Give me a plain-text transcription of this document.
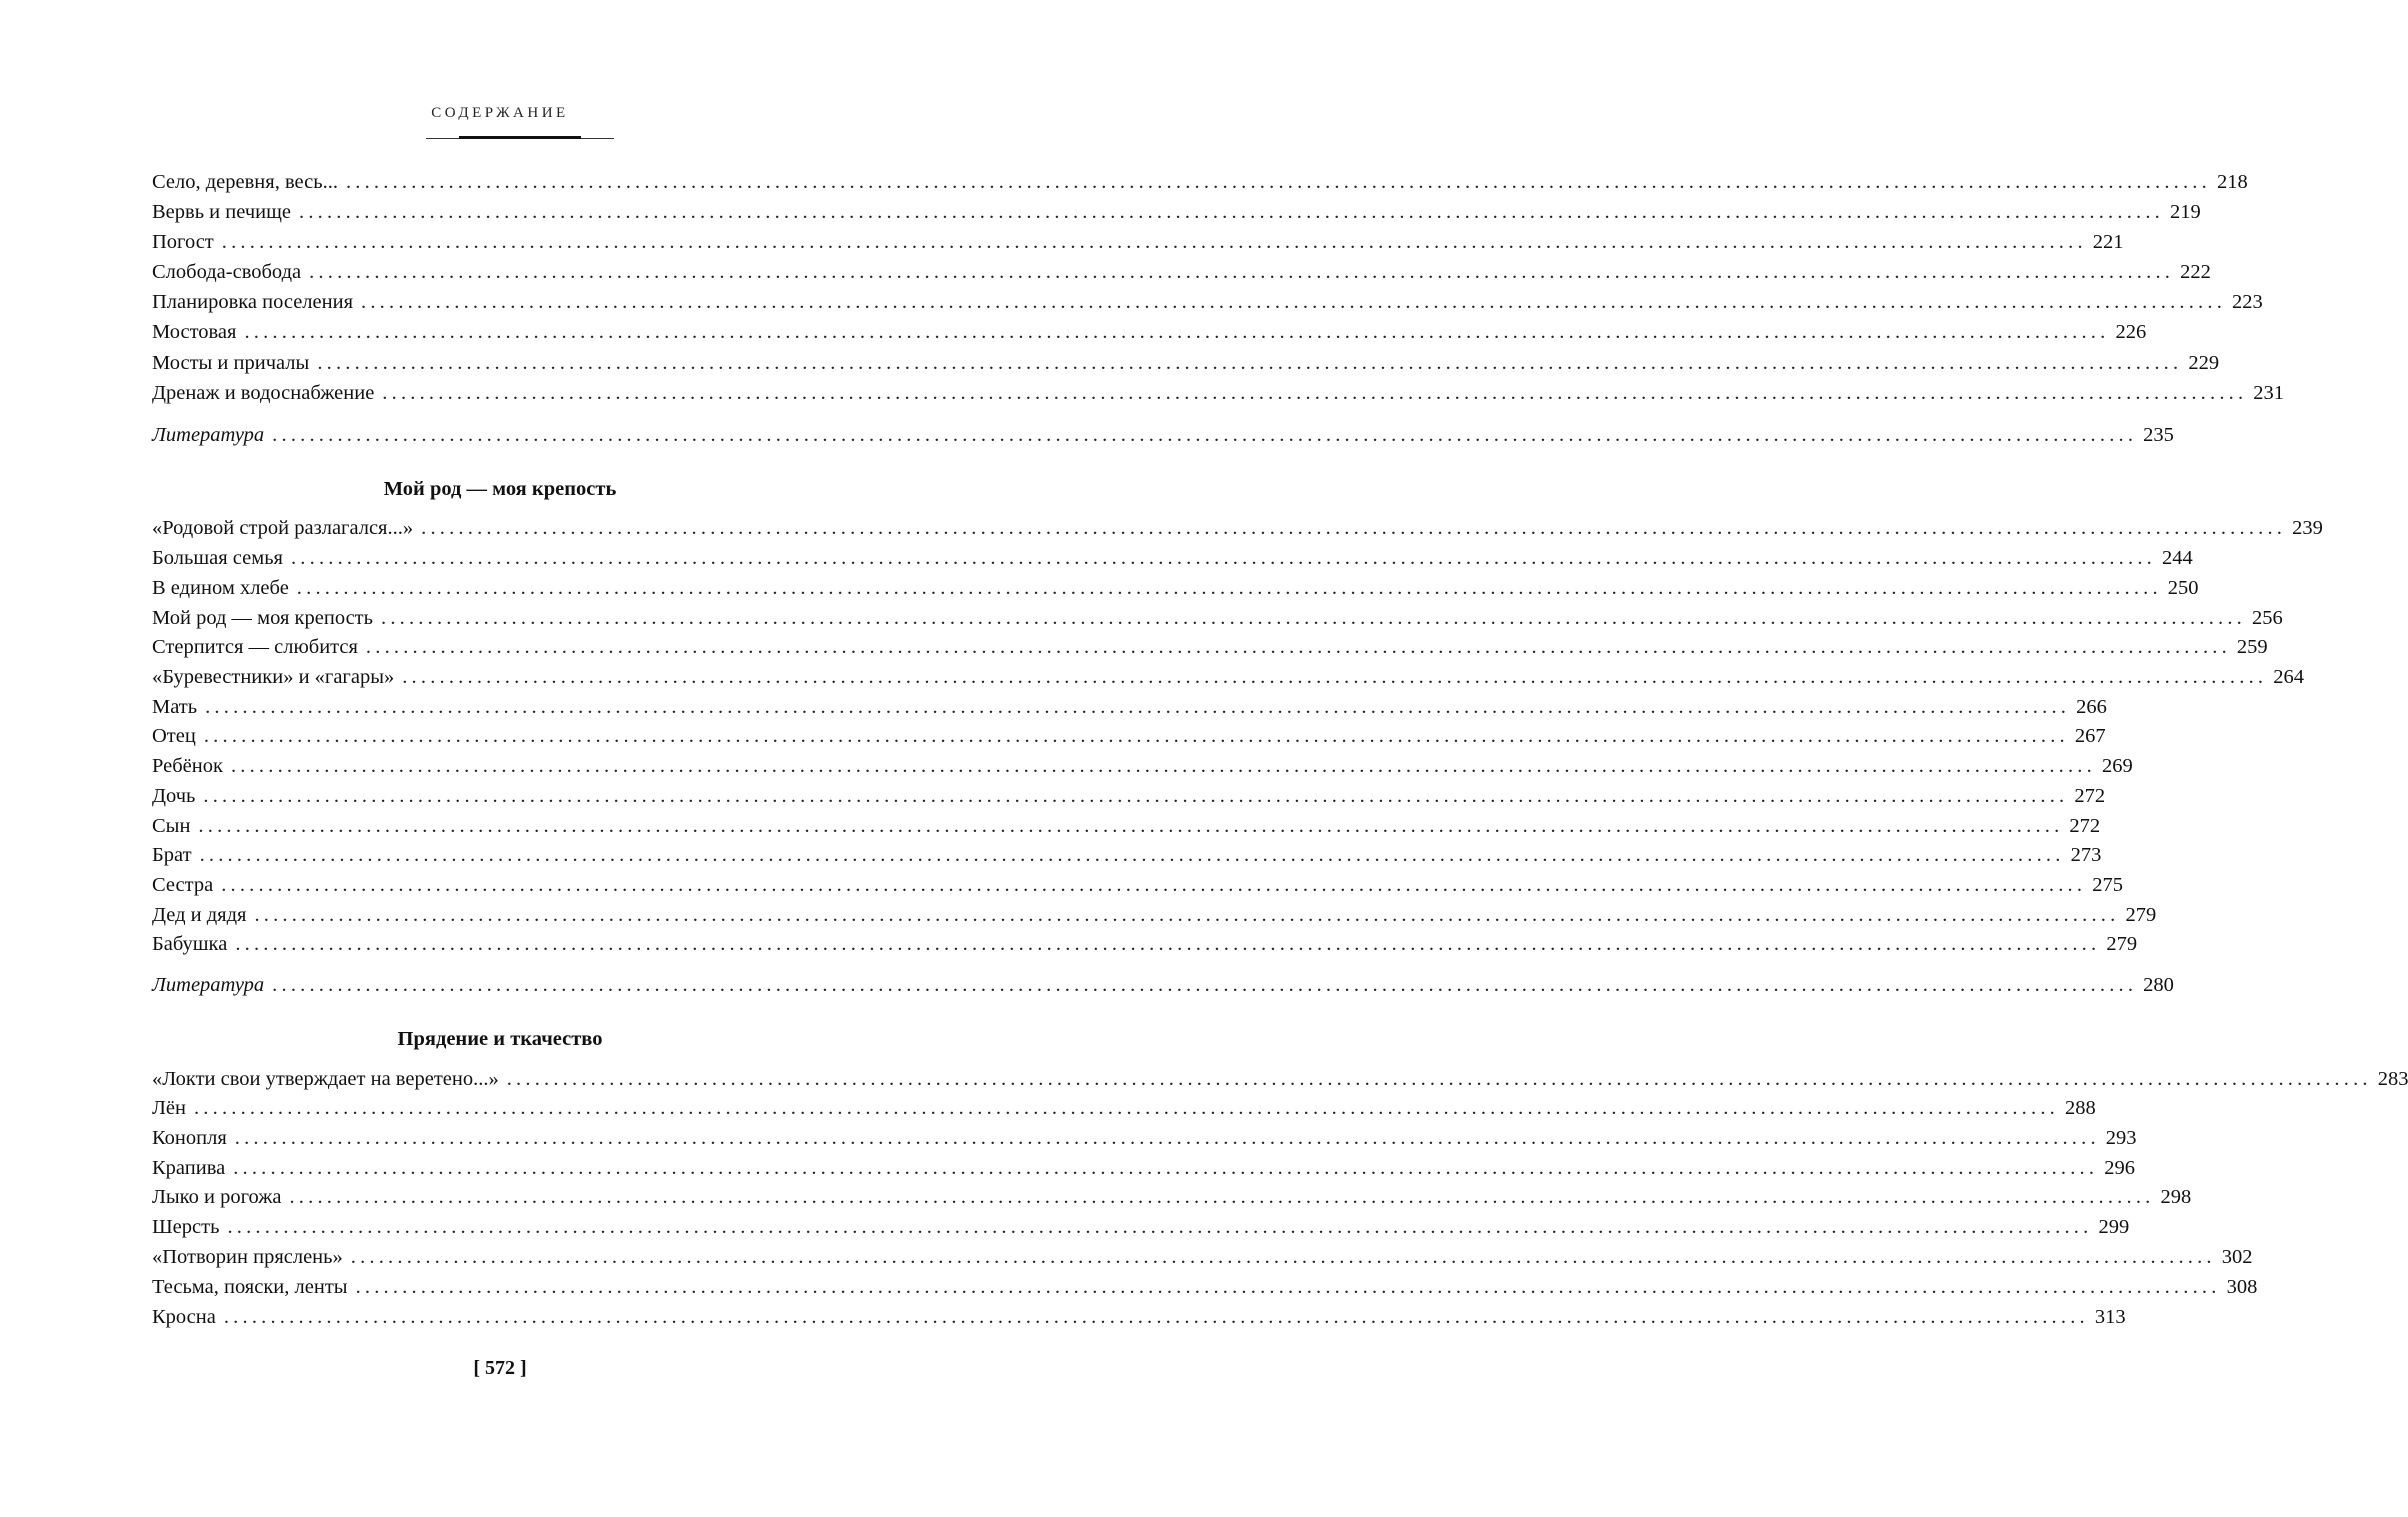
СОДЕРЖАНИЕ
Село, деревня, весь... ........................................................................................................................................................................................................ 218
Вервь и печище ........................................................................................................................................................................................................ 219
Погост ........................................................................................................................................................................................................ 221
Слобода-свобода ........................................................................................................................................................................................................ 222
Планировка поселения ........................................................................................................................................................................................................ 223
Мостовая ........................................................................................................................................................................................................ 226
Мосты и причалы ........................................................................................................................................................................................................ 229
Дренаж и водоснабжение ........................................................................................................................................................................................................ 231
Литература ........................................................................................................................................................................................................ 235
Мой род — моя крепость
«Родовой строй разлагался...» ........................................................................................................................................................................................................ 239
Большая семья ........................................................................................................................................................................................................ 244
В едином хлебе ........................................................................................................................................................................................................ 250
Мой род — моя крепость ........................................................................................................................................................................................................ 256
Стерпится — слюбится ........................................................................................................................................................................................................ 259
«Буревестники» и «гагары» ........................................................................................................................................................................................................ 264
Мать ........................................................................................................................................................................................................ 266
Отец ........................................................................................................................................................................................................ 267
Ребёнок ........................................................................................................................................................................................................ 269
Дочь ........................................................................................................................................................................................................ 272
Сын ........................................................................................................................................................................................................ 272
Брат ........................................................................................................................................................................................................ 273
Сестра ........................................................................................................................................................................................................ 275
Дед и дядя ........................................................................................................................................................................................................ 279
Бабушка ........................................................................................................................................................................................................ 279
Литература ........................................................................................................................................................................................................ 280
Прядение и ткачество
«Локти свои утверждает на веретено...» ........................................................................................................................................................................................................ 283
Лён ........................................................................................................................................................................................................ 288
Конопля ........................................................................................................................................................................................................ 293
Крапива ........................................................................................................................................................................................................ 296
Лыко и рогожа ........................................................................................................................................................................................................ 298
Шерсть ........................................................................................................................................................................................................ 299
«Потворин пряслень» ........................................................................................................................................................................................................ 302
Тесьма, пояски, ленты ........................................................................................................................................................................................................ 308
Кросна ........................................................................................................................................................................................................ 313
[ 572 ]
